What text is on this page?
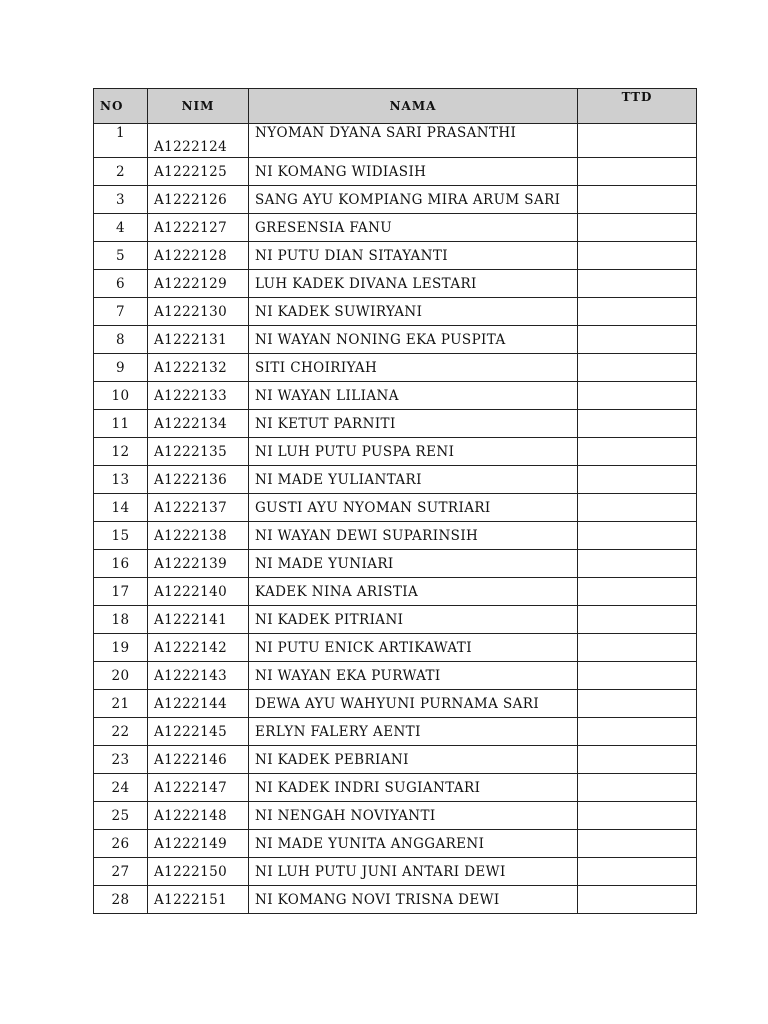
NO	NIM	NAMA	TTD
1	A1222124	NYOMAN DYANA SARI PRASANTHI	
2	A1222125	NI KOMANG WIDIASIH	
3	A1222126	SANG AYU KOMPIANG MIRA ARUM SARI	
4	A1222127	GRESENSIA FANU	
5	A1222128	NI PUTU DIAN SITAYANTI	
6	A1222129	LUH KADEK DIVANA LESTARI	
7	A1222130	NI KADEK SUWIRYANI	
8	A1222131	NI WAYAN NONING EKA PUSPITA	
9	A1222132	SITI CHOIRIYAH	
10	A1222133	NI WAYAN LILIANA	
11	A1222134	NI KETUT PARNITI	
12	A1222135	NI LUH PUTU PUSPA RENI	
13	A1222136	NI MADE YULIANTARI	
14	A1222137	GUSTI AYU NYOMAN SUTRIARI	
15	A1222138	NI WAYAN DEWI SUPARINSIH	
16	A1222139	NI MADE YUNIARI	
17	A1222140	KADEK NINA ARISTIA	
18	A1222141	NI KADEK PITRIANI	
19	A1222142	NI PUTU ENICK ARTIKAWATI	
20	A1222143	NI WAYAN EKA PURWATI	
21	A1222144	DEWA AYU WAHYUNI PURNAMA SARI	
22	A1222145	ERLYN FALERY AENTI	
23	A1222146	NI KADEK PEBRIANI	
24	A1222147	NI KADEK INDRI SUGIANTARI	
25	A1222148	NI NENGAH NOVIYANTI	
26	A1222149	NI MADE YUNITA ANGGARENI	
27	A1222150	NI LUH PUTU JUNI ANTARI DEWI	
28	A1222151	NI KOMANG NOVI TRISNA DEWI	
